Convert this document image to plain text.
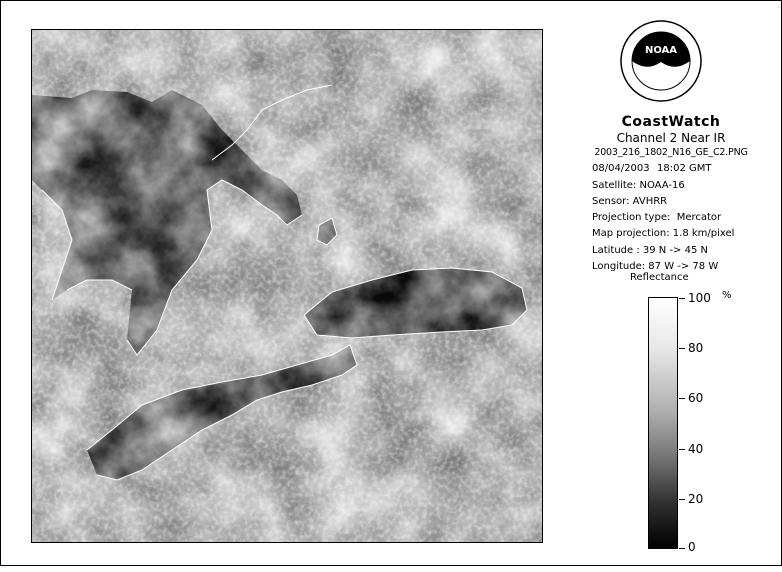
NOAA
CoastWatch
Channel 2 Near IR
2003_216_1802_N16_GE_C2.PNG
08/04/2003 18:02 GMT
Satellite: NOAA-16
Sensor: AVHRR
Projection type:  Mercator
Map projection: 1.8 km/pixel
Latitude : 39 N -> 45 N
Longitude: 87 W -> 78 W
Reflectance
%
100
80
60
40
20
0
